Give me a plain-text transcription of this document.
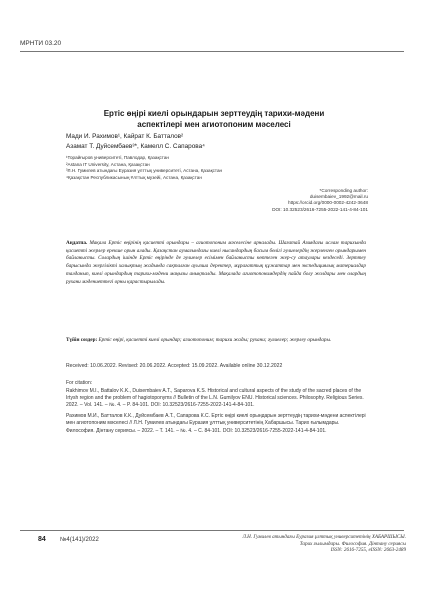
МРНТИ 03.20
Ертіс өңірі киелі орындарын зерттеудің тарихи-мәдени
аспектілері мен агиотопоним мәселесі
Мади И. Рахимов¹, Кайрат К. Батталов²
Азамат Т. Дуйсембаев³*, Камелл С. Сапарова⁴
¹Торайғыров университеті, Павлодар, Қазақстан
²Astana IT University, Астана, Қазақстан
³Л.Н. Гумилев атындағы Еуразия ұлттық университеті, Астана, Қазақстан
⁴Қазақстан Республикасының Ұлттық музейі, Астана, Қазақстан
*Corresponding author:
duisembaiev_1992@mail.ru
https://orcid.org/0000-0002-4242-3648
DOI: 10.32523/2616-7255-2022-141-4-84-101
Аңдатпа. Мақала Ертіс өңірінің қасиетті орындары – агиотопоним мәселесіне арналады. Шағатай Азиядағы ислам тарихында қасиетті жерлер ерекше орын алады. Қазақстан аумағындағы киелі нысандардың басым бөлігі әулиелердің жерленген орындарымен байланысты. Солардың ішінде Ертіс өңірінде де әулиелер есімімен байланысты көптеген жер-су атаулары кездеседі. Зерттеу барысында жергілікті халықтың жадында сақталған ауызша деректер, мұрағаттық құжаттар мен экспедициялық материалдар талданып, киелі орындардың тарихи-мәдени маңызы анықталды. Мақалада агиотопонимдердің пайда болу жолдары мен олардың рухани мәдениеттегі орны қарастырылады.
Түйін сөздер: Ертіс өңірі, қасиетті киелі орындар; агиотопоним; тарихи жады; рухани; әулиелер; жерлеу орындары.
Received: 10.06.2022. Revised: 20.06.2022. Accepted: 15.09.2022. Available online 30.12.2022
For citation:

Rakhimov M.I., Battalov K.K., Duisembaiev A.T., Saparova K.S. Historical and cultural aspects of the study of the sacred places of the Irtysh region and the problem of hagiotoponyms // Bulletin of the L.N. Gumilyov ENU. Historical sciences. Philosophy. Religious Series. 2022. – Vol. 141. – №. 4. – P. 84-101. DOI: 10.32523/2616-7255-2022-141-4-84-101.

Рахимов М.И., Батталов К.К., Дуйсембаев А.Т., Сапарова К.С. Ертіс өңірі киелі орындарын зерттеудің тарихи-мәдени аспектілері мен агиотопоним мәселесі // Л.Н. Гумилев атындағы Еуразия ұлттық университетінің Хабаршысы. Тарих ғылымдары. Философия. Дінтану сериясы. – 2022. – Т. 141. – №. 4. – С. 84-101. DOI: 10.32523/2616-7255-2022-141-4-84-101.

84 №4(141)/2022	Л.Н. Гумилев атындағы Еуразия ұлттық университетінің ХАБАРШЫСЫ.
Тарих ғылымдары. Философия. Дінтану сериясы
ISSN: 2616-7255, eISSN: 2663-2489
